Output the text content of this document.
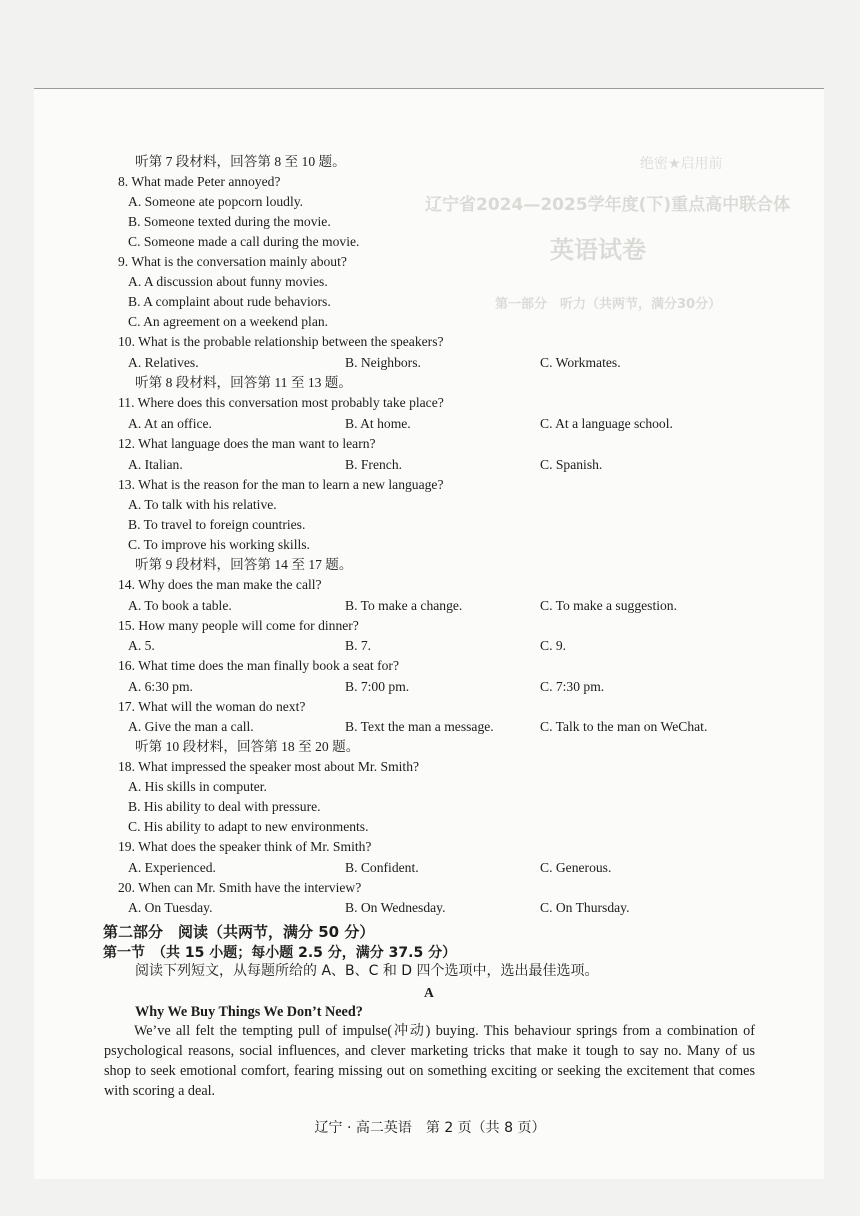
绝密★启用前
辽宁省2024—2025学年度(下)重点高中联合体
英语试卷
第一部分　听力（共两节，满分30分）
听第 7 段材料，回答第 8 至 10 题。
8. What made Peter annoyed?
A. Someone ate popcorn loudly.
B. Someone texted during the movie.
C. Someone made a call during the movie.
9. What is the conversation mainly about?
A. A discussion about funny movies.
B. A complaint about rude behaviors.
C. An agreement on a weekend plan.
10. What is the probable relationship between the speakers?
A. Relatives.	B. Neighbors.	C. Workmates.
听第 8 段材料，回答第 11 至 13 题。
11. Where does this conversation most probably take place?
A. At an office.	B. At home.	C. At a language school.
12. What language does the man want to learn?
A. Italian.	B. French.	C. Spanish.
13. What is the reason for the man to learn a new language?
A. To talk with his relative.
B. To travel to foreign countries.
C. To improve his working skills.
听第 9 段材料，回答第 14 至 17 题。
14. Why does the man make the call?
A. To book a table.	B. To make a change.	C. To make a suggestion.
15. How many people will come for dinner?
A. 5.	B. 7.	C. 9.
16. What time does the man finally book a seat for?
A. 6:30 pm.	B. 7:00 pm.	C. 7:30 pm.
17. What will the woman do next?
A. Give the man a call.	B. Text the man a message.	C. Talk to the man on WeChat.
听第 10 段材料，回答第 18 至 20 题。
18. What impressed the speaker most about Mr. Smith?
A. His skills in computer.
B. His ability to deal with pressure.
C. His ability to adapt to new environments.
19. What does the speaker think of Mr. Smith?
A. Experienced.	B. Confident.	C. Generous.
20. When can Mr. Smith have the interview?
A. On Tuesday.	B. On Wednesday.	C. On Thursday.
第二部分　阅读（共两节，满分 50 分）
第一节　（共 15 小题；每小题 2.5 分，满分 37.5 分）
阅读下列短文，从每题所给的 A、B、C 和 D 四个选项中，选出最佳选项。
A
Why We Buy Things We Don’t Need?
We’ve all felt the tempting pull of impulse(冲动) buying. This behaviour springs from a combination of psychological reasons, social influences, and clever marketing tricks that make it tough to say no. Many of us shop to seek emotional comfort, fearing missing out on something exciting or seeking the excitement that comes with scoring a deal.
辽宁 · 高二英语　第 2 页（共 8 页）
